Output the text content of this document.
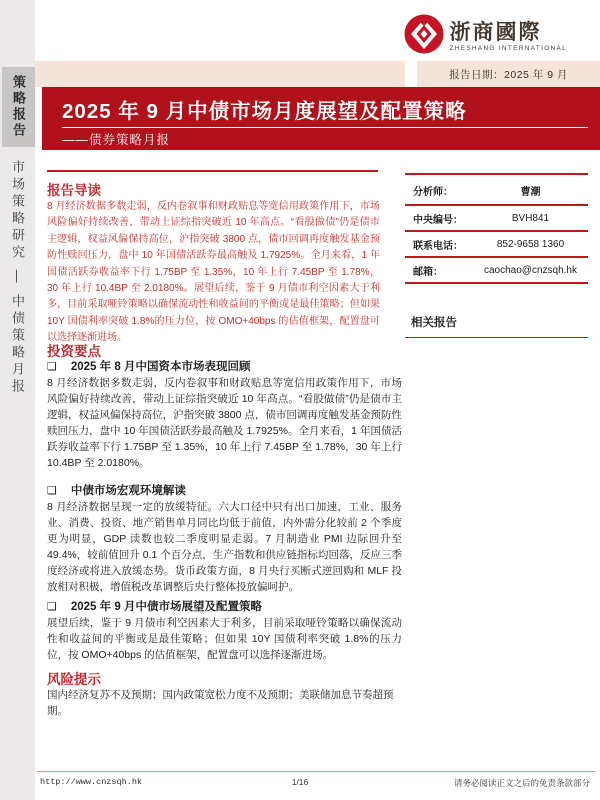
策略报告
市场策略研究 — 中债策略月报
浙商國際
ZHESHANG INTERNATIONAL
报告日期：2025 年 9 月
2025 年 9 月中债市场月度展望及配置策略
——债券策略月报
报告导读
8 月经济数据多数走弱，反内卷叙事和财政贴息等宽信用政策作用下，市场风险偏好持续改善，带动上证综指突破近 10 年高点。“看股做债”仍是债市主逻辑，权益风偏保持高位，沪指突破 3800 点，债市回调再度触发基金预防性赎回压力，盘中 10 年国债活跃券最高触及 1.7925%。全月来看，1 年国债活跃券收益率下行 1.75BP 至 1.35%，10 年上行 7.45BP 至 1.78%，30 年上行 10.4BP 至 2.0180%。展望后续，鉴于 9 月债市利空因素大于利多，目前采取哑铃策略以确保流动性和收益间的平衡或是最佳策略；但如果 10Y 国债利率突破 1.8%的压力位，按 OMO+40bps 的估值框架，配置盘可以选择逐渐进场。
投资要点
❑ 2025 年 8 月中国资本市场表现回顾
8 月经济数据多数走弱，反内卷叙事和财政贴息等宽信用政策作用下，市场风险偏好持续改善，带动上证综指突破近 10 年高点。“看股做债”仍是债市主逻辑，权益风偏保持高位，沪指突破 3800 点，债市回调再度触发基金预防性赎回压力，盘中 10 年国债活跃券最高触及 1.7925%。全月来看，1 年国债活跃券收益率下行 1.75BP 至 1.35%，10 年上行 7.45BP 至 1.78%，30 年上行 10.4BP 至 2.0180%。
❑ 中债市场宏观环境解读
8 月经济数据呈现一定的放缓特征。六大口径中只有出口加速，工业、服务业、消费、投资、地产销售单月同比均低于前值，内外需分化较前 2 个季度更为明显，GDP 读数也较二季度明显走弱。7 月制造业 PMI 边际回升至 49.4%，较前值回升 0.1 个百分点，生产指数和供应链指标均回落，反应三季度经济或将进入放缓态势。货币政策方面，8 月央行买断式逆回购和 MLF 投放相对积极，增值税改革调整后央行整体投放偏呵护。
❑ 2025 年 9 月中债市场展望及配置策略
展望后续，鉴于 9 月债市利空因素大于利多，目前采取哑铃策略以确保流动性和收益间的平衡或是最佳策略；但如果 10Y 国债利率突破 1.8%的压力位，按 OMO+40bps 的估值框架，配置盘可以选择逐渐进场。
风险提示
国内经济复苏不及预期；国内政策宽松力度不及预期；美联储加息节奏超预期。
分析师：	曹潮
中央编号：	BVH841
联系电话：	852-9658 1360
邮箱：	caochao@cnzsqh.hk
相关报告
http://www.cnzsqh.hk	1/16	请务必阅读正文之后的免责条款部分
